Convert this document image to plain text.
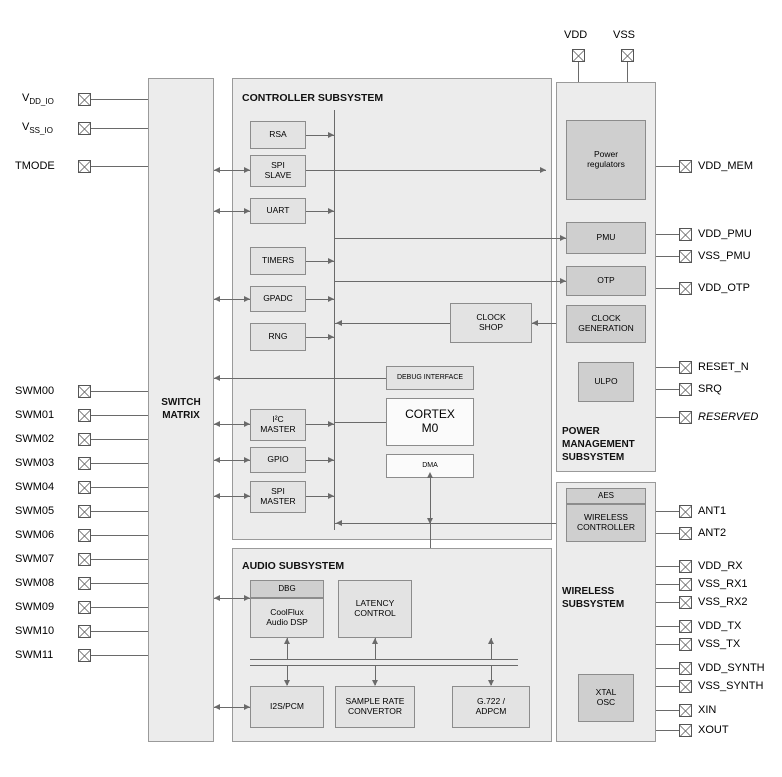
VDD VSS
$V_{DD\_IO}$
$V_{SS\_IO}$
TMODE
SWM00
SWM01
SWM02
SWM03
SWM04
SWM05
SWM06
SWM07
SWM08
SWM09
SWM10
SWM11
SWITCH
MATRIX
CONTROLLER SUBSYSTEM
RSA
SPI
SLAVE
UART
TIMERS
GPADC
RNG
CLOCK
SHOP
DEBUG INTERFACE
I²C
MASTER
GPIO
SPI
MASTER
CORTEX
M0
DMA
AUDIO SUBSYSTEM
DBG
CoolFlux
Audio DSP
LATENCY
CONTROL
I2S/PCM	SAMPLE RATE
CONVERTOR
G.722 /
ADPCM
POWER
MANAGEMENT
SUBSYSTEM
Power
regulators
PMU
OTP
CLOCK
GENERATION
ULPO
WIRELESS
SUBSYSTEM
AES
WIRELESS
CONTROLLER
XTAL
OSC
VDD_MEM
VDD_PMU
VSS_PMU
VDD_OTP
RESET_N
SRQ
RESERVED
ANT1
ANT2
VDD_RX
VSS_RX1
VSS_RX2
VDD_TX
VSS_TX
VDD_SYNTH
VSS_SYNTH
XIN
XOUT
